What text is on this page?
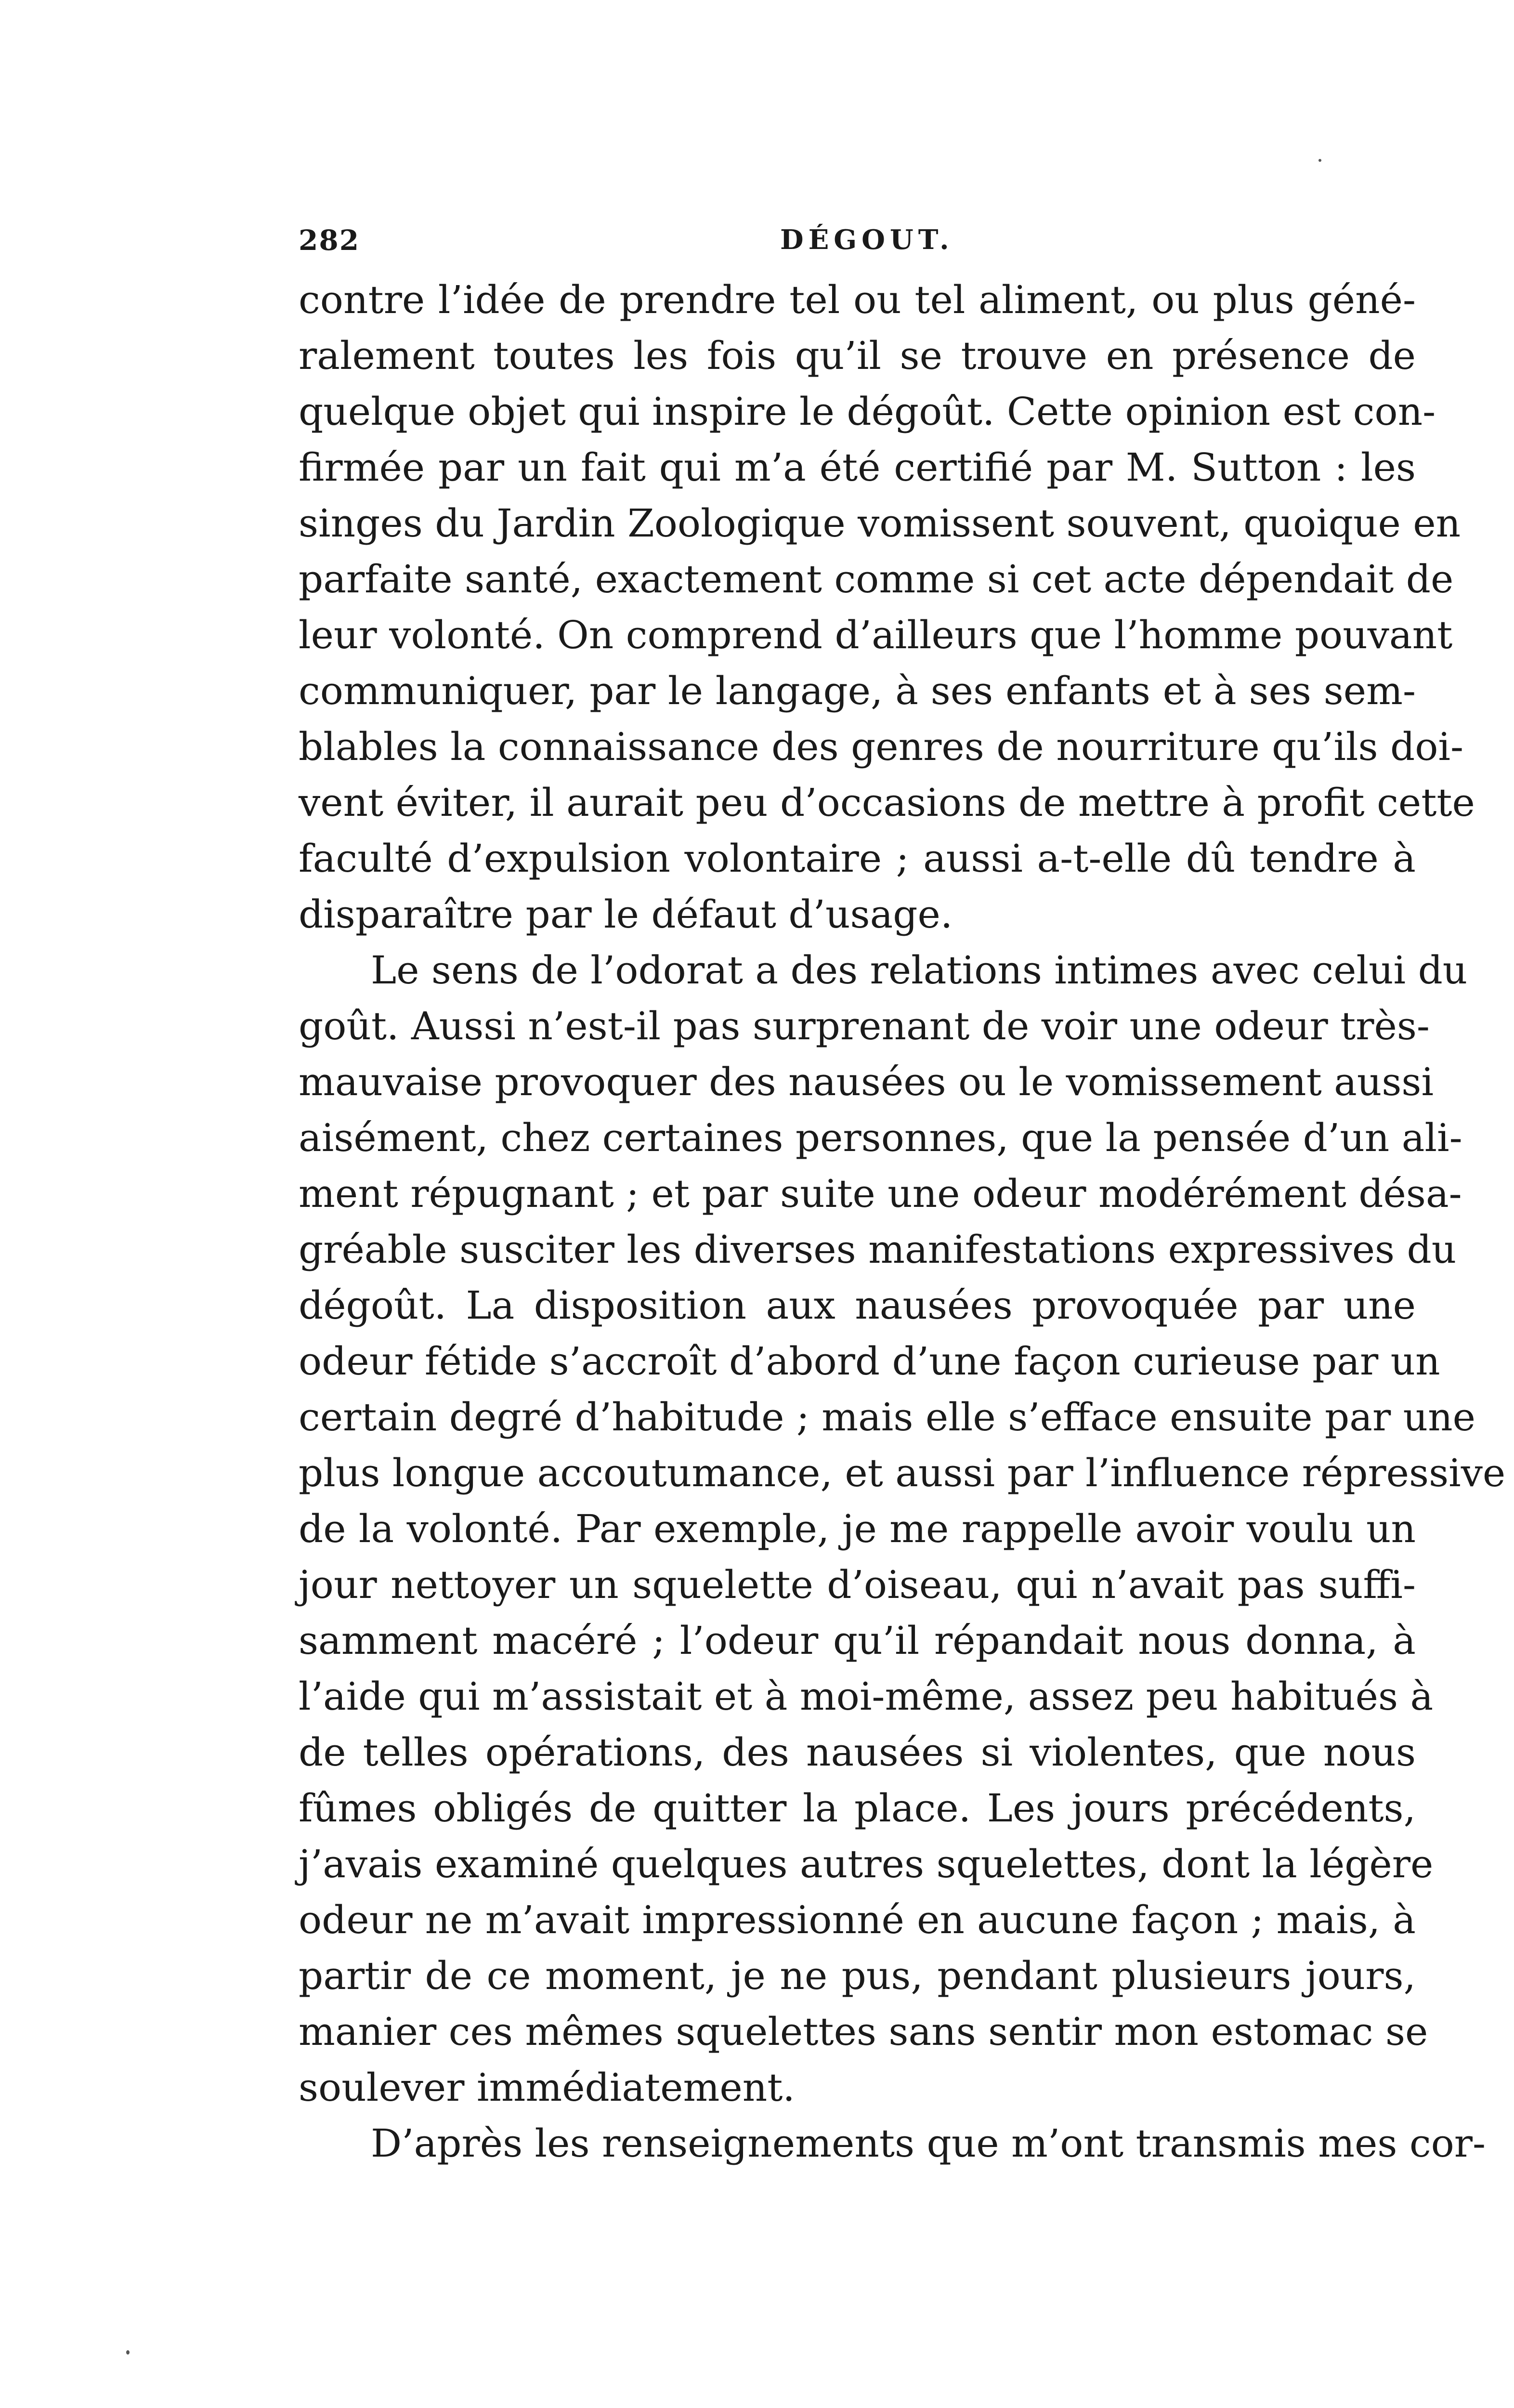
282	DÉGOUT.
contre l’idée de prendre tel ou tel aliment, ou plus géné-
ralement toutes les fois qu’il se trouve en présence de
quelque objet qui inspire le dégoût. Cette opinion est con-
firmée par un fait qui m’a été certifié par M. Sutton : les
singes du Jardin Zoologique vomissent souvent, quoique en
parfaite santé, exactement comme si cet acte dépendait de
leur volonté. On comprend d’ailleurs que l’homme pouvant
communiquer, par le langage, à ses enfants et à ses sem-
blables la connaissance des genres de nourriture qu’ils doi-
vent éviter, il aurait peu d’occasions de mettre à profit cette
faculté d’expulsion volontaire ; aussi a-t-elle dû tendre à
disparaître par le défaut d’usage.
Le sens de l’odorat a des relations intimes avec celui du
goût. Aussi n’est-il pas surprenant de voir une odeur très-
mauvaise provoquer des nausées ou le vomissement aussi
aisément, chez certaines personnes, que la pensée d’un ali-
ment répugnant ; et par suite une odeur modérément désa-
gréable susciter les diverses manifestations expressives du
dégoût. La disposition aux nausées provoquée par une
odeur fétide s’accroît d’abord d’une façon curieuse par un
certain degré d’habitude ; mais elle s’efface ensuite par une
plus longue accoutumance, et aussi par l’influence répressive
de la volonté. Par exemple, je me rappelle avoir voulu un
jour nettoyer un squelette d’oiseau, qui n’avait pas suffi-
samment macéré ; l’odeur qu’il répandait nous donna, à
l’aide qui m’assistait et à moi-même, assez peu habitués à
de telles opérations, des nausées si violentes, que nous
fûmes obligés de quitter la place. Les jours précédents,
j’avais examiné quelques autres squelettes, dont la légère
odeur ne m’avait impressionné en aucune façon ; mais, à
partir de ce moment, je ne pus, pendant plusieurs jours,
manier ces mêmes squelettes sans sentir mon estomac se
soulever immédiatement.
D’après les renseignements que m’ont transmis mes cor-
